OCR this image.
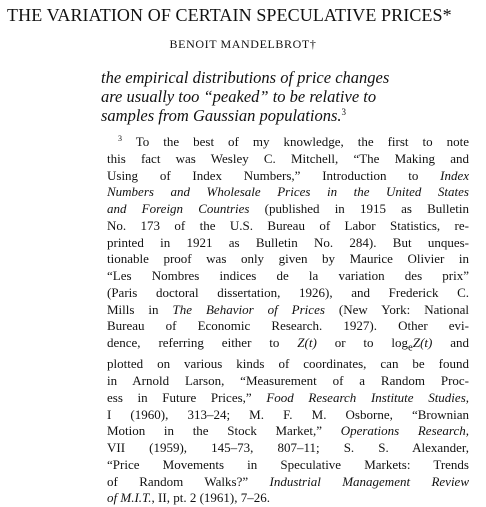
THE VARIATION OF CERTAIN SPECULATIVE PRICES*
BENOIT MANDELBROT†
the empirical distributions of price changes
are usually too “peaked” to be relative to
samples from Gaussian populations.$^3$
$^3$ To the best of my knowledge, the first to note
this fact was Wesley C. Mitchell, “The Making and
Using of Index Numbers,” Introduction to Index
Numbers and Wholesale Prices in the United States
and Foreign Countries (published in 1915 as Bulletin
No. 173 of the U.S. Bureau of Labor Statistics, re-
printed in 1921 as Bulletin No. 284). But unques-
tionable proof was only given by Maurice Olivier in
“Les Nombres indices de la variation des prix”
(Paris doctoral dissertation, 1926), and Frederick C.
Mills in The Behavior of Prices (New York: National
Bureau of Economic Research. 1927). Other evi-
dence, referring either to Z(t) or to $\log_eZ(t)$ and
plotted on various kinds of coordinates, can be found
in Arnold Larson, “Measurement of a Random Proc-
ess in Future Prices,” Food Research Institute Studies,
I (1960), 313–24; M. F. M. Osborne, “Brownian
Motion in the Stock Market,” Operations Research,
VII (1959), 145–73, 807–11; S. S. Alexander,
“Price Movements in Speculative Markets: Trends
of Random Walks?” Industrial Management Review
of M.I.T., II, pt. 2 (1961), 7–26.
